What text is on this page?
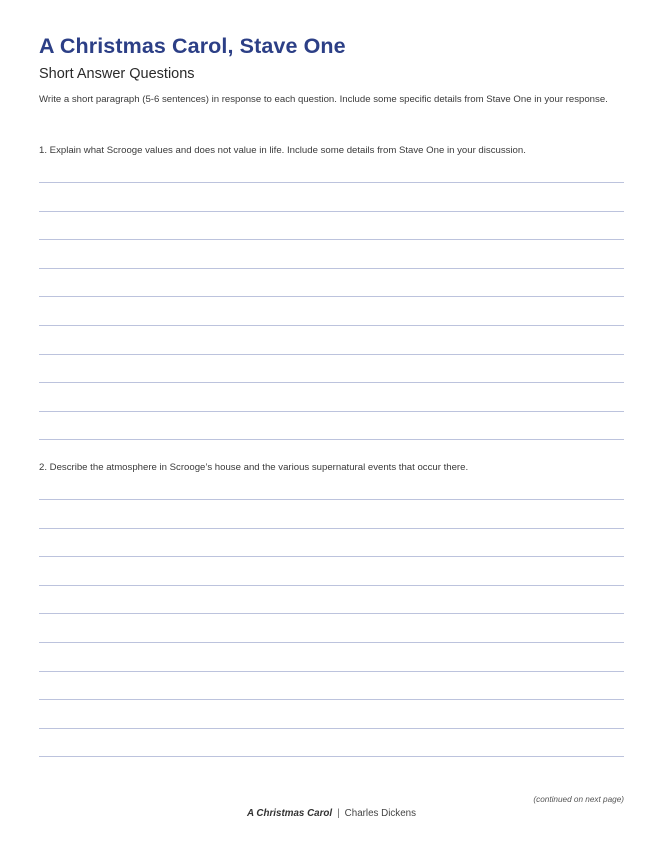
A Christmas Carol, Stave One
Short Answer Questions

Write a short paragraph (5-6 sentences) in response to each question. Include some specific details from Stave One in your response.

1. Explain what Scrooge values and does not value in life. Include some details from Stave One in your discussion.

2. Describe the atmosphere in Scrooge’s house and the various supernatural events that occur there.

(continued on next page)
A Christmas Carol | Charles Dickens
